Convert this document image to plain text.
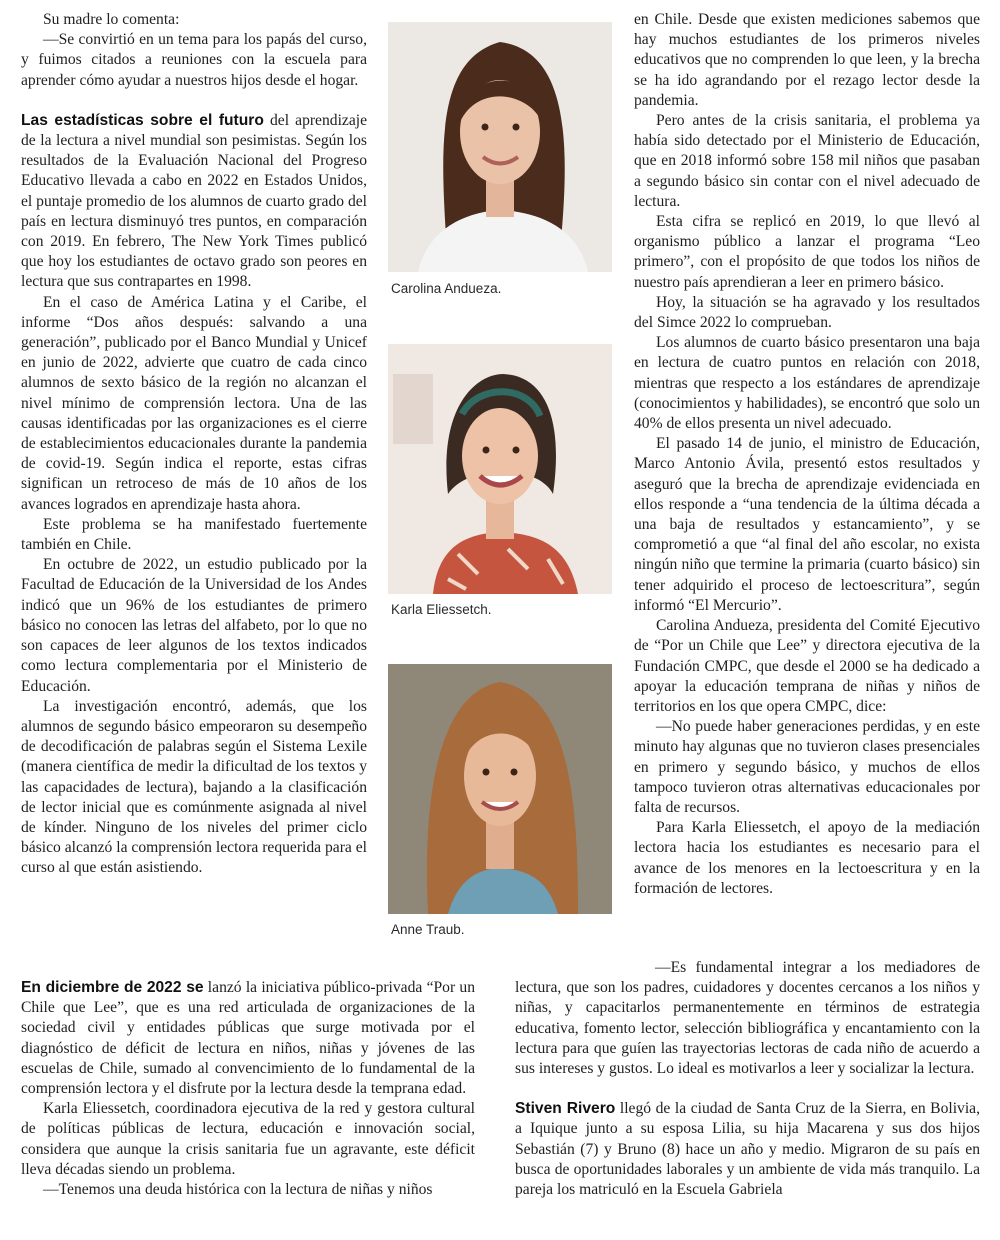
Su madre lo comenta:

—Se convirtió en un tema para los papás del curso, y fuimos citados a reuniones con la escuela para aprender cómo ayudar a nuestros hijos desde el hogar.

Las estadísticas sobre el futuro del aprendizaje de la lectura a nivel mundial son pesimistas. Según los resultados de la Evaluación Nacional del Progreso Educativo llevada a cabo en 2022 en Estados Unidos, el puntaje promedio de los alumnos de cuarto grado del país en lectura disminuyó tres puntos, en comparación con 2019. En febrero, The New York Times publicó que hoy los estudiantes de octavo grado son peores en lectura que sus contrapartes en 1998.

En el caso de América Latina y el Caribe, el informe “Dos años después: salvando a una generación”, publicado por el Banco Mundial y Unicef en junio de 2022, advierte que cuatro de cada cinco alumnos de sexto básico de la región no alcanzan el nivel mínimo de comprensión lectora. Una de las causas identificadas por las organizaciones es el cierre de establecimientos educacionales durante la pandemia de covid-19. Según indica el reporte, estas cifras significan un retroceso de más de 10 años de los avances logrados en aprendizaje hasta ahora.

Este problema se ha manifestado fuertemente también en Chile.

En octubre de 2022, un estudio publicado por la Facultad de Educación de la Universidad de los Andes indicó que un 96% de los estudiantes de primero básico no conocen las letras del alfabeto, por lo que no son capaces de leer algunos de los textos indicados como lectura complementaria por el Ministerio de Educación.

La investigación encontró, además, que los alumnos de segundo básico empeoraron su desempeño de decodificación de palabras según el Sistema Lexile (manera científica de medir la dificultad de los textos y las capacidades de lectura), bajando a la clasificación de lector inicial que es comúnmente asignada al nivel de kínder. Ninguno de los niveles del primer ciclo básico alcanzó la comprensión lectora requerida para el curso al que están asistiendo.

Carolina Andueza.
Karla Eliessetch.
Anne Traub.

en Chile. Desde que existen mediciones sabemos que hay muchos estudiantes de los primeros niveles educativos que no comprenden lo que leen, y la brecha se ha ido agrandando por el rezago lector desde la pandemia.

Pero antes de la crisis sanitaria, el problema ya había sido detectado por el Ministerio de Educación, que en 2018 informó sobre 158 mil niños que pasaban a segundo básico sin contar con el nivel adecuado de lectura.

Esta cifra se replicó en 2019, lo que llevó al organismo público a lanzar el programa “Leo primero”, con el propósito de que todos los niños de nuestro país aprendieran a leer en primero básico.

Hoy, la situación se ha agravado y los resultados del Simce 2022 lo comprueban.

Los alumnos de cuarto básico presentaron una baja en lectura de cuatro puntos en relación con 2018, mientras que respecto a los estándares de aprendizaje (conocimientos y habilidades), se encontró que solo un 40% de ellos presenta un nivel adecuado.

El pasado 14 de junio, el ministro de Educación, Marco Antonio Ávila, presentó estos resultados y aseguró que la brecha de aprendizaje evidenciada en ellos responde a “una tendencia de la última década a una baja de resultados y estancamiento”, y se comprometió a que “al final del año escolar, no exista ningún niño que termine la primaria (cuarto básico) sin tener adquirido el proceso de lectoescritura”, según informó “El Mercurio”.

Carolina Andueza, presidenta del Comité Ejecutivo de “Por un Chile que Lee” y directora ejecutiva de la Fundación CMPC, que desde el 2000 se ha dedicado a apoyar la educación temprana de niñas y niños de territorios en los que opera CMPC, dice:

—No puede haber generaciones perdidas, y en este minuto hay algunas que no tuvieron clases presenciales en primero y segundo básico, y muchos de ellos tampoco tuvieron otras alternativas educacionales por falta de recursos.

Para Karla Eliessetch, el apoyo de la mediación lectora hacia los estudiantes es necesario para el avance de los menores en la lectoescritura y en la formación de lectores.

En diciembre de 2022 se lanzó la iniciativa público-privada “Por un Chile que Lee”, que es una red articulada de organizaciones de la sociedad civil y entidades públicas que surge motivada por el diagnóstico de déficit de lectura en niños, niñas y jóvenes de las escuelas de Chile, sumado al convencimiento de lo fundamental de la comprensión lectora y el disfrute por la lectura desde la temprana edad.

Karla Eliessetch, coordinadora ejecutiva de la red y gestora cultural de políticas públicas de lectura, educación e innovación social, considera que aunque la crisis sanitaria fue un agravante, este déficit lleva décadas siendo un problema.

—Tenemos una deuda histórica con la lectura de niñas y niños

—Es fundamental integrar a los mediadores de lectura, que son los padres, cuidadores y docentes cercanos a los niños y niñas, y capacitarlos permanentemente en términos de estrategia educativa, fomento lector, selección bibliográfica y encantamiento con la lectura para que guíen las trayectorias lectoras de cada niño de acuerdo a sus intereses y gustos. Lo ideal es motivarlos a leer y socializar la lectura.

Stiven Rivero llegó de la ciudad de Santa Cruz de la Sierra, en Bolivia, a Iquique junto a su esposa Lilia, su hija Macarena y sus dos hijos Sebastián (7) y Bruno (8) hace un año y medio. Migraron de su país en busca de oportunidades laborales y un ambiente de vida más tranquilo. La pareja los matriculó en la Escuela Gabriela
